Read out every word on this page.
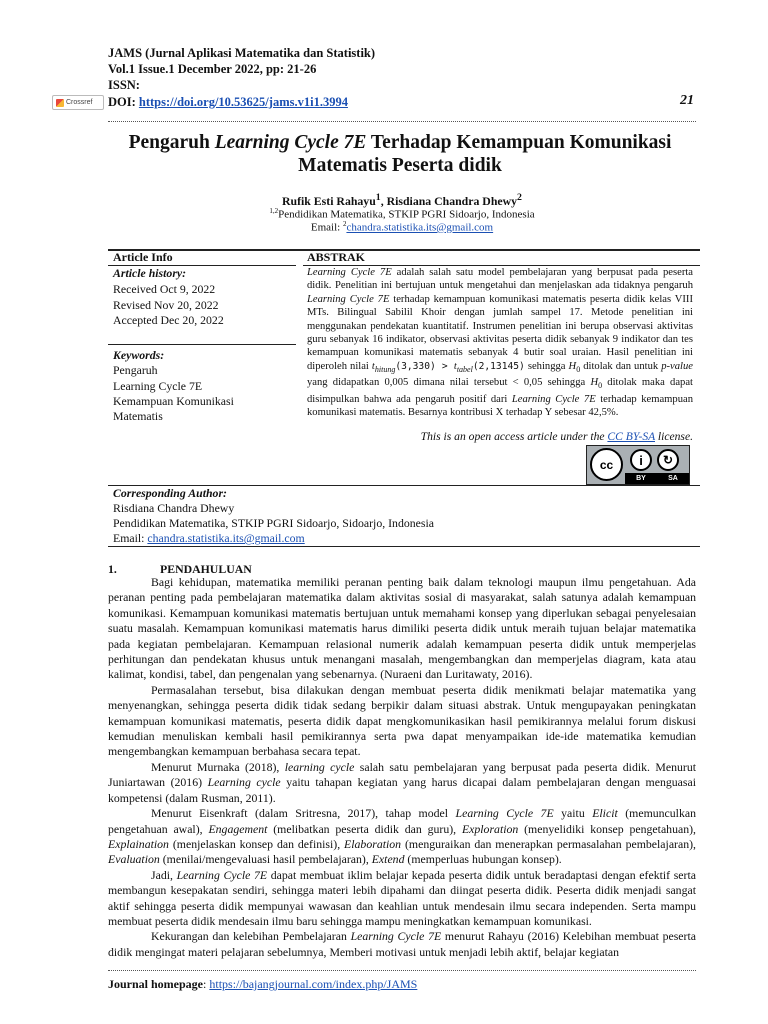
JAMS (Jurnal Aplikasi Matematika dan Statistik)
Vol.1 Issue.1 December 2022, pp: 21-26
ISSN:
Crossref DOI: https://doi.org/10.53625/jams.v1i1.3994	21
Pengaruh Learning Cycle 7E Terhadap Kemampuan Komunikasi
Matematis Peserta didik
Rufik Esti Rahayu$^1$, Risdiana Chandra Dhewy$^2$
$^{1,2}$Pendidikan Matematika, STKIP PGRI Sidoarjo, Indonesia
Email: $^2$chandra.statistika.its@gmail.com
Article Info	ABSTRAK
Article history:
Received Oct 9, 2022
Revised Nov 20, 2022
Accepted Dec 20, 2022
Keywords:
Pengaruh
Learning Cycle 7E
Kemampuan Komunikasi
Matematis
Learning Cycle 7E adalah salah satu model pembelajaran yang berpusat pada peserta didik. Penelitian ini bertujuan untuk mengetahui dan menjelaskan ada tidaknya pengaruh Learning Cycle 7E terhadap kemampuan komunikasi matematis peserta didik kelas VIII MTs. Bilingual Sabilil Khoir dengan jumlah sampel 17. Metode penelitian ini menggunakan pendekatan kuantitatif. Instrumen penelitian ini berupa observasi aktivitas guru sebanyak 16 indikator, observasi aktivitas peserta didik sebanyak 9 indikator dan tes kemampuan komunikasi matematis sebanyak 4 butir soal uraian. Hasil penelitian ini diperoleh nilai $t_{hitung}(3,330) > t_{tabel}(2,13145)$ sehingga $H_0$ ditolak dan untuk p-value yang didapatkan 0,005 dimana nilai tersebut < 0,05 sehingga $H_0$ ditolak maka dapat disimpulkan bahwa ada pengaruh positif dari Learning Cycle 7E terhadap kemampuan komunikasi matematis. Besarnya kontribusi X terhadap Y sebesar 42,5%.
This is an open access article under the CC BY-SA license.
cc	i	↻
BY	SA
Corresponding Author:
Risdiana Chandra Dhewy
Pendidikan Matematika, STKIP PGRI Sidoarjo, Sidoarjo, Indonesia
Email: chandra.statistika.its@gmail.com
1.	PENDAHULUAN
Bagi kehidupan, matematika memiliki peranan penting baik dalam teknologi maupun ilmu pengetahuan. Ada peranan penting pada pembelajaran matematika dalam aktivitas sosial di masyarakat, salah satunya adalah kemampuan komunikasi. Kemampuan komunikasi matematis bertujuan untuk memahami konsep yang diperlukan sebagai penyelesaian suatu masalah. Kemampuan komunikasi matematis harus dimiliki peserta didik untuk meraih tujuan belajar matematika pada kegiatan pembelajaran. Kemampuan relasional numerik adalah kemampuan peserta didik untuk memperjelas perhitungan dan pendekatan khusus untuk menangani masalah, mengembangkan dan memperjelas diagram, kata atau kalimat, kondisi, tabel, dan pengenalan yang sebenarnya. (Nuraeni dan Luritawaty, 2016).
Permasalahan tersebut, bisa dilakukan dengan membuat peserta didik menikmati belajar matematika yang menyenangkan, sehingga peserta didik tidak sedang berpikir dalam situasi abstrak. Untuk mengupayakan peningkatan kemampuan komunikasi matematis, peserta didik dapat mengkomunikasikan hasil pemikirannya melalui forum diskusi kemudian menuliskan kembali hasil pemikirannya serta pwa dapat menyampaikan ide-ide matematika kemudian mengembangkan kemampuan berbahasa secara tepat.
Menurut Murnaka (2018), learning cycle salah satu pembelajaran yang berpusat pada peserta didik. Menurut Juniartawan (2016) Learning cycle yaitu tahapan kegiatan yang harus dicapai dalam pembelajaran dengan menguasai kompetensi (dalam Rusman, 2011).
Menurut Eisenkraft (dalam Sritresna, 2017), tahap model Learning Cycle 7E yaitu Elicit (memunculkan pengetahuan awal), Engagement (melibatkan peserta didik dan guru), Exploration (menyelidiki konsep pengetahuan), Explaination (menjelaskan konsep dan definisi), Elaboration (menguraikan dan menerapkan permasalahan pembelajaran), Evaluation (menilai/mengevaluasi hasil pembelajaran), Extend (memperluas hubungan konsep).
Jadi, Learning Cycle 7E dapat membuat iklim belajar kepada peserta didik untuk beradaptasi dengan efektif serta membangun kesepakatan sendiri, sehingga materi lebih dipahami dan diingat peserta didik. Peserta didik menjadi sangat aktif sehingga peserta didik mempunyai wawasan dan keahlian untuk mendesain ilmu secara independen. Serta mampu membuat peserta didik mendesain ilmu baru sehingga mampu meningkatkan kemampuan komunikasi.
Kekurangan dan kelebihan Pembelajaran Learning Cycle 7E menurut Rahayu (2016) Kelebihan membuat peserta didik mengingat materi pelajaran sebelumnya, Memberi motivasi untuk menjadi lebih aktif, belajar kegiatan
Journal homepage: https://bajangjournal.com/index.php/JAMS
